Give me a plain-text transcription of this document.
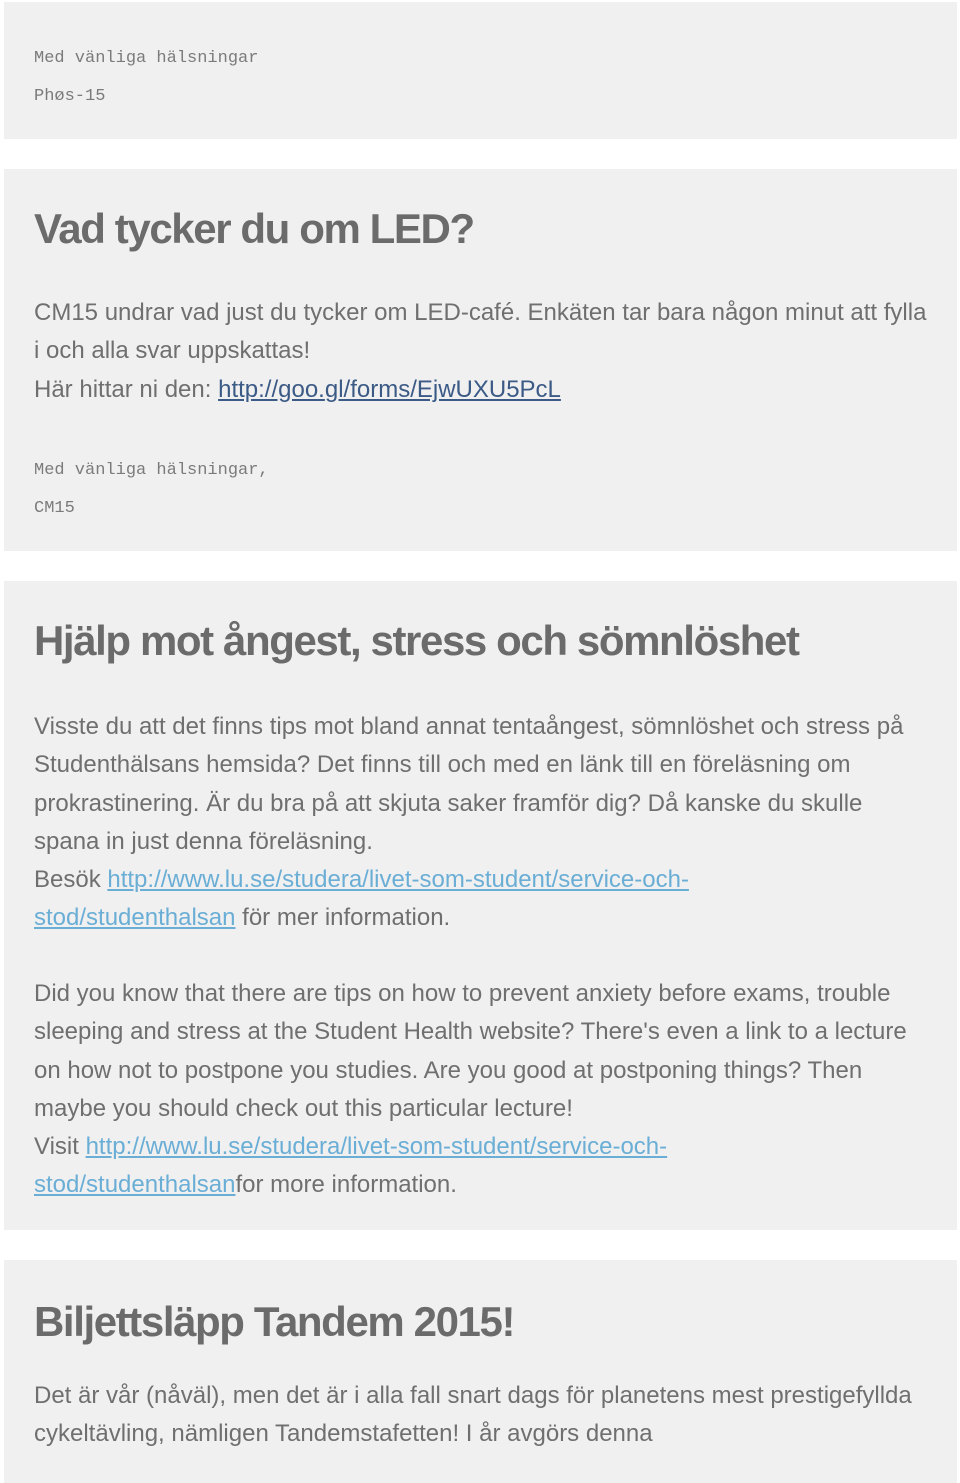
Med vänliga hälsningar

Phøs-15

Vad tycker du om LED?

CM15 undrar vad just du tycker om LED-café. Enkäten tar bara någon minut att fylla i och alla svar uppskattas!

Här hittar ni den: http://goo.gl/forms/EjwUXU5PcL

Med vänliga hälsningar,

CM15

Hjälp mot ångest, stress och sömnlöshet

Visste du att det finns tips mot bland annat tentaångest, sömnlöshet och stress på Studenthälsans hemsida? Det finns till och med en länk till en föreläsning om prokrastinering. Är du bra på att skjuta saker framför dig? Då kanske du skulle spana in just denna föreläsning.

Besök http://www.lu.se/studera/livet-som-student/service-och-
stod/studenthalsan för mer information.

Did you know that there are tips on how to prevent anxiety before exams, trouble sleeping and stress at the Student Health website? There's even a link to a lecture on how not to postpone you studies. Are you good at postponing things? Then maybe you should check out this particular lecture!

Visit http://www.lu.se/studera/livet-som-student/service-och-
stod/studenthalsanfor more information.

Biljettsläpp Tandem 2015!

Det är vår (nåväl), men det är i alla fall snart dags för planetens mest prestigefyllda cykeltävling, nämligen Tandemstafetten! I år avgörs denna
